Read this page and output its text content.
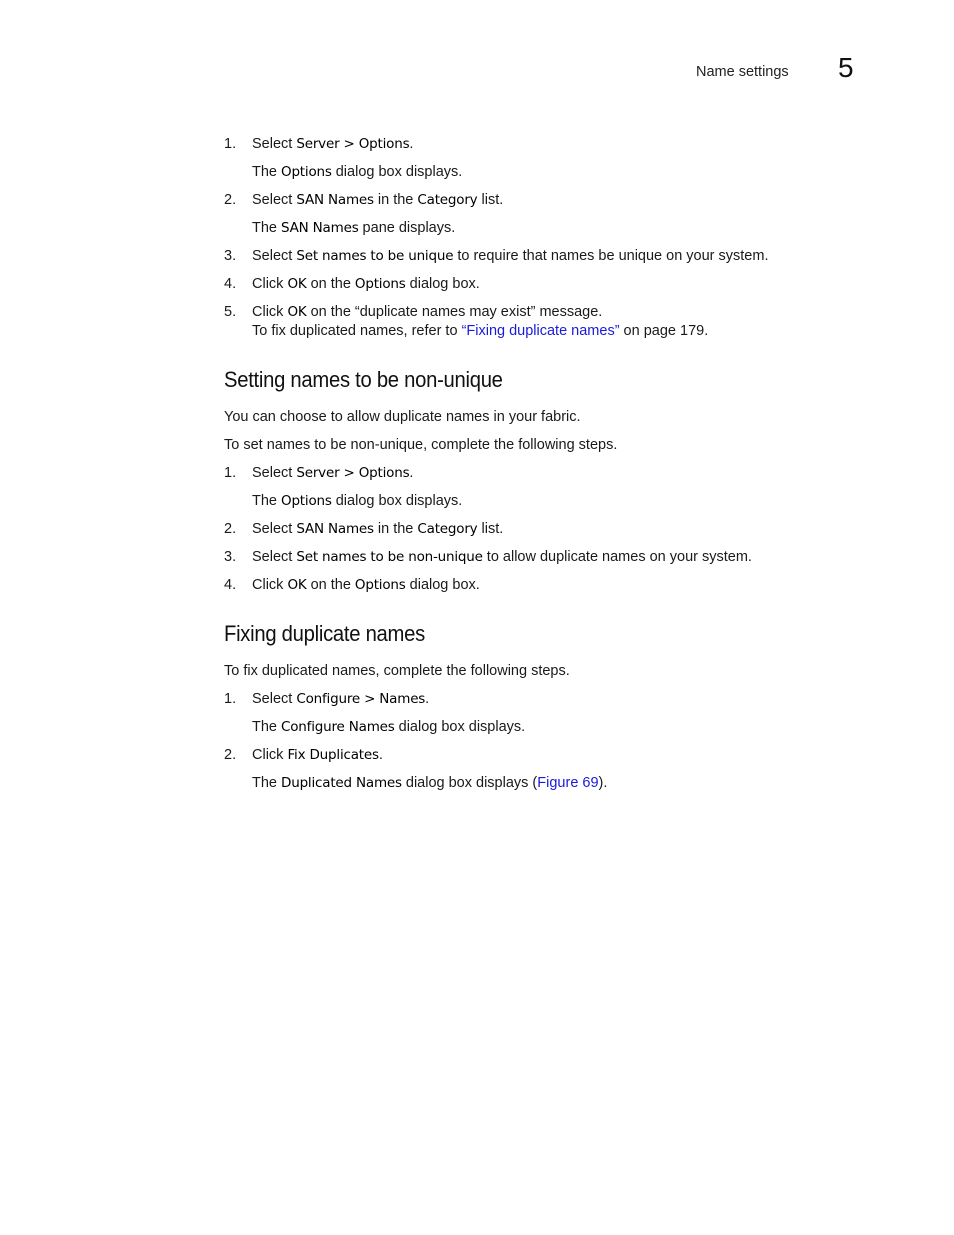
Name settings 5
1. Select Server > Options.
The Options dialog box displays.
2. Select SAN Names in the Category list.
The SAN Names pane displays.
3. Select Set names to be unique to require that names be unique on your system.
4. Click OK on the Options dialog box.
5. Click OK on the “duplicate names may exist” message.
To fix duplicated names, refer to “Fixing duplicate names” on page 179.
Setting names to be non-unique
You can choose to allow duplicate names in your fabric.
To set names to be non-unique, complete the following steps.
1. Select Server > Options.
The Options dialog box displays.
2. Select SAN Names in the Category list.
3. Select Set names to be non-unique to allow duplicate names on your system.
4. Click OK on the Options dialog box.
Fixing duplicate names
To fix duplicated names, complete the following steps.
1. Select Configure > Names.
The Configure Names dialog box displays.
2. Click Fix Duplicates.
The Duplicated Names dialog box displays (Figure 69).
